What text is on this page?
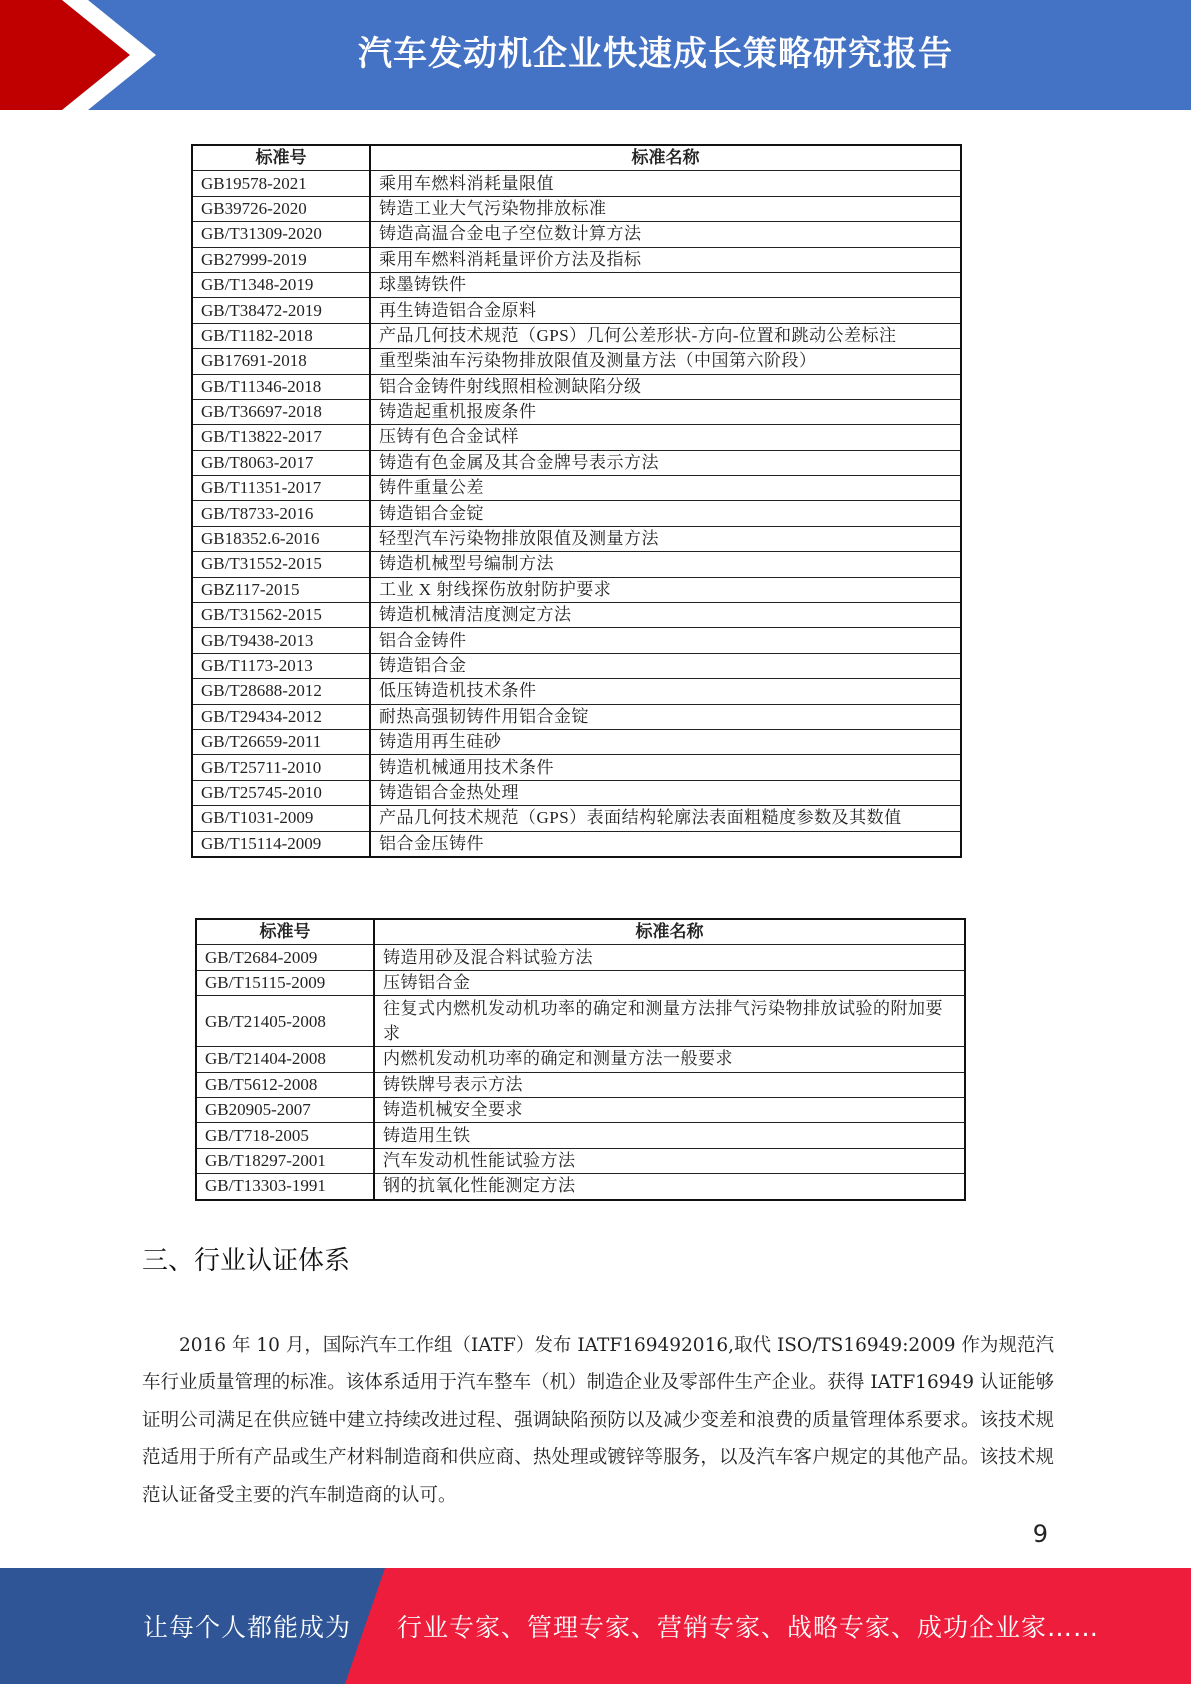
汽车发动机企业快速成长策略研究报告
标准号	标准名称
GB19578-2021	乘用车燃料消耗量限值
GB39726-2020	铸造工业大气污染物排放标准
GB/T31309-2020	铸造高温合金电子空位数计算方法
GB27999-2019	乘用车燃料消耗量评价方法及指标
GB/T1348-2019	球墨铸铁件
GB/T38472-2019	再生铸造铝合金原料
GB/T1182-2018	产品几何技术规范（GPS）几何公差形状-方向-位置和跳动公差标注
GB17691-2018	重型柴油车污染物排放限值及测量方法（中国第六阶段）
GB/T11346-2018	铝合金铸件射线照相检测缺陷分级
GB/T36697-2018	铸造起重机报废条件
GB/T13822-2017	压铸有色合金试样
GB/T8063-2017	铸造有色金属及其合金牌号表示方法
GB/T11351-2017	铸件重量公差
GB/T8733-2016	铸造铝合金锭
GB18352.6-2016	轻型汽车污染物排放限值及测量方法
GB/T31552-2015	铸造机械型号编制方法
GBZ117-2015	工业 X 射线探伤放射防护要求
GB/T31562-2015	铸造机械清洁度测定方法
GB/T9438-2013	铝合金铸件
GB/T1173-2013	铸造铝合金
GB/T28688-2012	低压铸造机技术条件
GB/T29434-2012	耐热高强韧铸件用铝合金锭
GB/T26659-2011	铸造用再生硅砂
GB/T25711-2010	铸造机械通用技术条件
GB/T25745-2010	铸造铝合金热处理
GB/T1031-2009	产品几何技术规范（GPS）表面结构轮廓法表面粗糙度参数及其数值
GB/T15114-2009	铝合金压铸件
标准号	标准名称
GB/T2684-2009	铸造用砂及混合料试验方法
GB/T15115-2009	压铸铝合金
GB/T21405-2008	往复式内燃机发动机功率的确定和测量方法排气污染物排放试验的附加要求
GB/T21404-2008	内燃机发动机功率的确定和测量方法一般要求
GB/T5612-2008	铸铁牌号表示方法
GB20905-2007	铸造机械安全要求
GB/T718-2005	铸造用生铁
GB/T18297-2001	汽车发动机性能试验方法
GB/T13303-1991	钢的抗氧化性能测定方法
三、行业认证体系

2016 年 10 月，国际汽车工作组（IATF）发布 IATF169492016,取代 ISO/TS16949:2009 作为规范汽车行业质量管理的标准。该体系适用于汽车整车（机）制造企业及零部件生产企业。获得 IATF16949 认证能够证明公司满足在供应链中建立持续改进过程、强调缺陷预防以及减少变差和浪费的质量管理体系要求。该技术规范适用于所有产品或生产材料制造商和供应商、热处理或镀锌等服务，以及汽车客户规定的其他产品。该技术规范认证备受主要的汽车制造商的认可。

9
让每个人都能成为 行业专家、管理专家、营销专家、战略专家、成功企业家……
